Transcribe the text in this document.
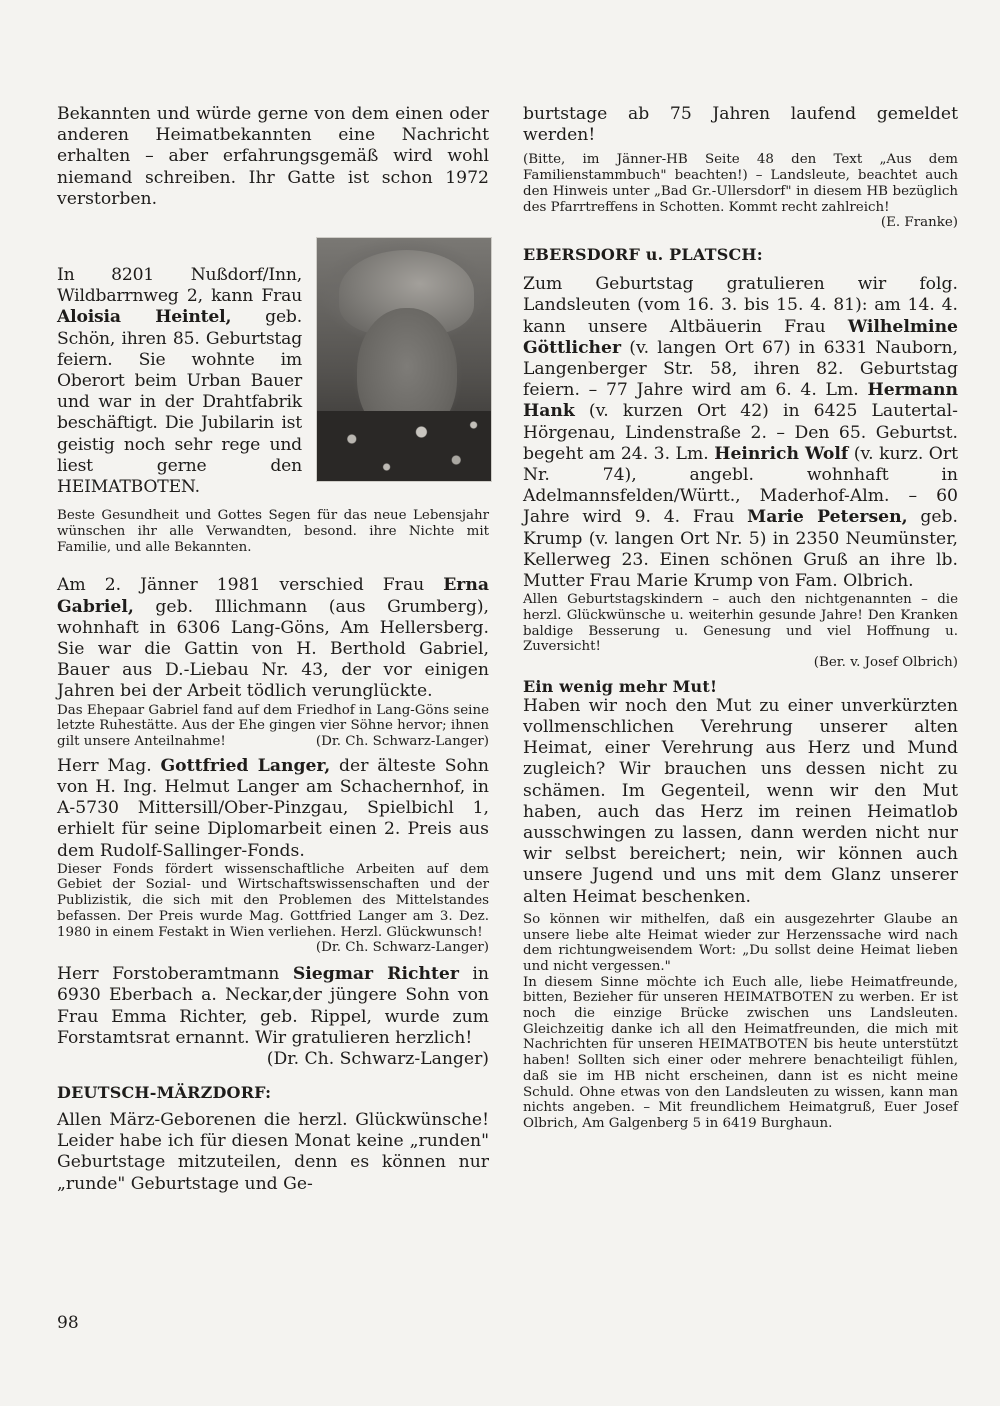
Bekannten und würde gerne von dem einen oder anderen Heimatbekannten eine Nachricht erhalten – aber erfahrungsgemäß wird wohl niemand schreiben. Ihr Gatte ist schon 1972 verstorben.

In 8201 Nußdorf/Inn, Wildbarrnweg 2, kann Frau Aloisia Heintel, geb. Schön, ihren 85. Geburtstag feiern. Sie wohnte im Oberort beim Urban Bauer und war in der Drahtfabrik beschäftigt. Die Jubilarin ist geistig noch sehr rege und liest gerne den HEIMATBOTEN.

Beste Gesundheit und Gottes Segen für das neue Lebensjahr wünschen ihr alle Verwandten, besond. ihre Nichte mit Familie, und alle Bekannten.

Am 2. Jänner 1981 verschied Frau Erna Gabriel, geb. Illichmann (aus Grumberg), wohnhaft in 6306 Lang-Göns, Am Hellersberg. Sie war die Gattin von H. Berthold Gabriel, Bauer aus D.-Liebau Nr. 43, der vor einigen Jahren bei der Arbeit tödlich verunglückte.

Das Ehepaar Gabriel fand auf dem Friedhof in Lang-Göns seine letzte Ruhestätte. Aus der Ehe gingen vier Söhne hervor; ihnen gilt unsere Anteilnahme!	(Dr. Ch. Schwarz-Langer)

Herr Mag. Gottfried Langer, der älteste Sohn von H. Ing. Helmut Langer am Schachernhof, in A-5730 Mittersill/Ober-Pinzgau, Spielbichl 1, erhielt für seine Diplomarbeit einen 2. Preis aus dem Rudolf-Sallinger-Fonds.

Dieser Fonds fördert wissenschaftliche Arbeiten auf dem Gebiet der Sozial- und Wirtschaftswissenschaften und der Publizistik, die sich mit den Problemen des Mittelstandes befassen. Der Preis wurde Mag. Gottfried Langer am 3. Dez. 1980 in einem Festakt in Wien verliehen. Herzl. Glückwunsch!
(Dr. Ch. Schwarz-Langer)

Herr Forstoberamtmann Siegmar Richter in 6930 Eberbach a. Neckar,der jüngere Sohn von Frau Emma Richter, geb. Rippel, wurde zum Forstamtsrat ernannt. Wir gratulieren herzlich!
(Dr. Ch. Schwarz-Langer)

DEUTSCH-MÄRZDORF:

Allen März-Geborenen die herzl. Glückwünsche! Leider habe ich für diesen Monat keine „runden" Geburtstage mitzuteilen, denn es können nur „runde" Geburtstage und Ge-

burtstage ab 75 Jahren laufend gemeldet werden!

(Bitte, im Jänner-HB Seite 48 den Text „Aus dem Familienstammbuch" beachten!) – Landsleute, beachtet auch den Hinweis unter „Bad Gr.-Ullersdorf" in diesem HB bezüglich des Pfarrtreffens in Schotten. Kommt recht zahlreich!
(E. Franke)

EBERSDORF u. PLATSCH:

Zum Geburtstag gratulieren wir folg. Landsleuten (vom 16. 3. bis 15. 4. 81): am 14. 4. kann unsere Altbäuerin Frau Wilhelmine Göttlicher (v. langen Ort 67) in 6331 Nauborn, Langenberger Str. 58, ihren 82. Geburtstag feiern. – 77 Jahre wird am 6. 4. Lm. Hermann Hank (v. kurzen Ort 42) in 6425 Lautertal-Hörgenau, Lindenstraße 2. – Den 65. Geburtst. begeht am 24. 3. Lm. Heinrich Wolf (v. kurz. Ort Nr. 74), angebl. wohnhaft in Adelmannsfelden/Württ., Maderhof-Alm. – 60 Jahre wird 9. 4. Frau Marie Petersen, geb. Krump (v. langen Ort Nr. 5) in 2350 Neumünster, Kellerweg 23. Einen schönen Gruß an ihre lb. Mutter Frau Marie Krump von Fam. Olbrich.

Allen Geburtstagskindern – auch den nichtgenannten – die herzl. Glückwünsche u. weiterhin gesunde Jahre! Den Kranken baldige Besserung u. Genesung und viel Hoffnung u. Zuversicht!

(Ber. v. Josef Olbrich)

Ein wenig mehr Mut!

Haben wir noch den Mut zu einer unverkürzten vollmenschlichen Verehrung unserer alten Heimat, einer Verehrung aus Herz und Mund zugleich? Wir brauchen uns dessen nicht zu schämen. Im Gegenteil, wenn wir den Mut haben, auch das Herz im reinen Heimatlob ausschwingen zu lassen, dann werden nicht nur wir selbst bereichert; nein, wir können auch unsere Jugend und uns mit dem Glanz unserer alten Heimat beschenken.

So können wir mithelfen, daß ein ausgezehrter Glaube an unsere liebe alte Heimat wieder zur Herzenssache wird nach dem richtungweisendem Wort: „Du sollst deine Heimat lieben und nicht vergessen."

In diesem Sinne möchte ich Euch alle, liebe Heimatfreunde, bitten, Bezieher für unseren HEIMATBOTEN zu werben. Er ist noch die einzige Brücke zwischen uns Landsleuten. Gleichzeitig danke ich all den Heimatfreunden, die mich mit Nachrichten für unseren HEIMATBOTEN bis heute unterstützt haben! Sollten sich einer oder mehrere benachteiligt fühlen, daß sie im HB nicht erscheinen, dann ist es nicht meine Schuld. Ohne etwas von den Landsleuten zu wissen, kann man nichts angeben. – Mit freundlichem Heimatgruß, Euer Josef Olbrich, Am Galgenberg 5 in 6419 Burghaun.

98
